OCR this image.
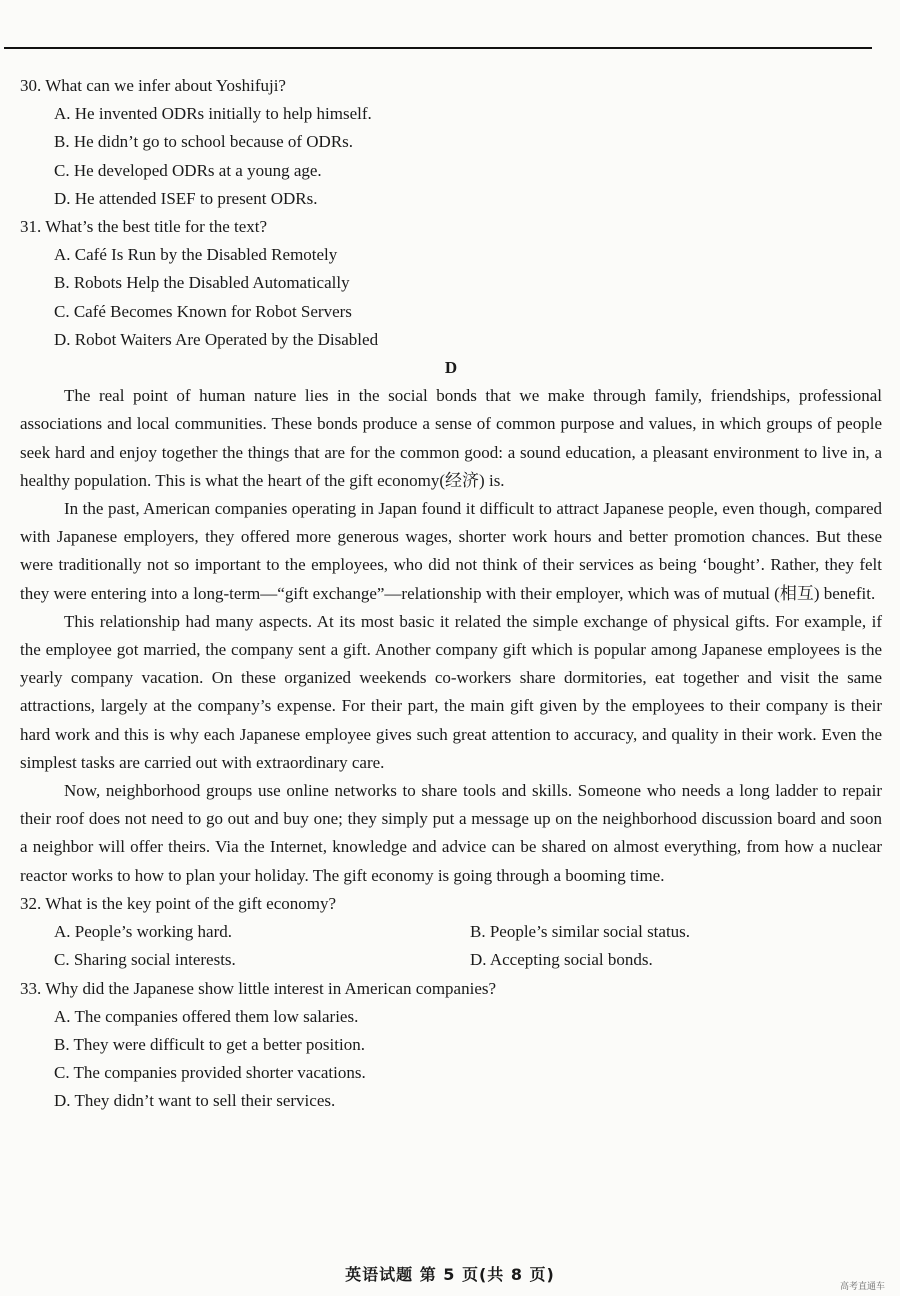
30. What can we infer about Yoshifuji?

A. He invented ODRs initially to help himself.

B. He didn’t go to school because of ODRs.

C. He developed ODRs at a young age.

D. He attended ISEF to present ODRs.

31. What’s the best title for the text?

A. Café Is Run by the Disabled Remotely

B. Robots Help the Disabled Automatically

C. Café Becomes Known for Robot Servers

D. Robot Waiters Are Operated by the Disabled

D

The real point of human nature lies in the social bonds that we make through family, friendships, professional associations and local communities. These bonds produce a sense of common purpose and values, in which groups of people seek hard and enjoy together the things that are for the common good: a sound education, a pleasant environment to live in, a healthy population. This is what the heart of the gift economy(经济) is.

In the past, American companies operating in Japan found it difficult to attract Japanese people, even though, compared with Japanese employers, they offered more generous wages, shorter work hours and better promotion chances. But these were traditionally not so important to the employees, who did not think of their services as being ‘bought’. Rather, they felt they were entering into a long-term—“gift exchange”—relationship with their employer, which was of mutual (相互) benefit.

This relationship had many aspects. At its most basic it related the simple exchange of physical gifts. For example, if the employee got married, the company sent a gift. Another company gift which is popular among Japanese employees is the yearly company vacation. On these organized weekends co-workers share dormitories, eat together and visit the same attractions, largely at the company’s expense. For their part, the main gift given by the employees to their company is their hard work and this is why each Japanese employee gives such great attention to accuracy, and quality in their work. Even the simplest tasks are carried out with extraordinary care.

Now, neighborhood groups use online networks to share tools and skills. Someone who needs a long ladder to repair their roof does not need to go out and buy one; they simply put a message up on the neighborhood discussion board and soon a neighbor will offer theirs. Via the Internet, knowledge and advice can be shared on almost everything, from how a nuclear reactor works to how to plan your holiday. The gift economy is going through a booming time.

32. What is the key point of the gift economy?

A. People’s working hard.	B. People’s similar social status.
C. Sharing social interests.	D. Accepting social bonds.

33. Why did the Japanese show little interest in American companies?

A. The companies offered them low salaries.

B. They were difficult to get a better position.

C. The companies provided shorter vacations.

D. They didn’t want to sell their services.

英语试题 第 5 页(共 8 页)
高考直通车
